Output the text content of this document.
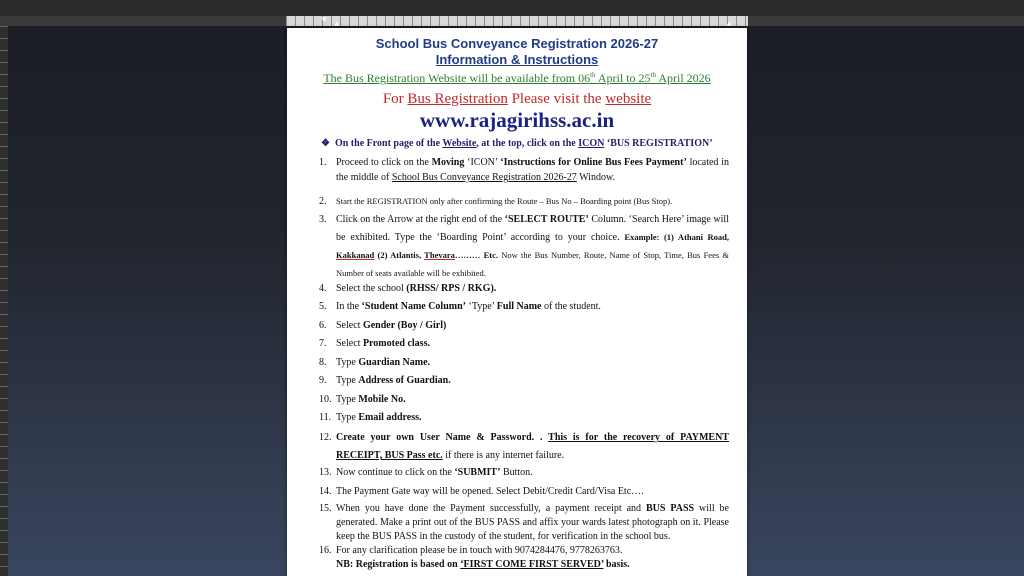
▼ ▲	▲
School Bus Conveyance Registration 2026-27
Information & Instructions
The Bus Registration Website will be available from 06th April to 25th April 2026
For Bus Registration Please visit the website
www.rajagirihss.ac.in
❖ On the Front page of the Website, at the top, click on the ICON ‘BUS REGISTRATION’
1. Proceed to click on the Moving ‘ICON’ ‘Instructions for Online Bus Fees Payment’ located in the middle of School Bus Conveyance Registration 2026-27 Window.
2.	Start the REGISTRATION only after confirming the Route – Bus No – Boarding point (Bus Stop).
3. Click on the Arrow at the right end of the ‘SELECT ROUTE’ Column. ‘Search Here’ image will be exhibited. Type the ‘Boarding Point’ according to your choice. Example: (1) Athani Road, Kakkanad (2) Atlantis, Thevara……… Etc. Now the Bus Number, Route, Name of Stop, Time, Bus Fees & Number of seats available will be exhibited.
4. Select the school (RHSS/ RPS / RKG).
5. In the ‘Student Name Column’ ‘Type’ Full Name of the student.
6. Select Gender (Boy / Girl)
7. Select Promoted class.
8. Type Guardian Name.
9. Type Address of Guardian.
10. Type Mobile No.
11. Type Email address.
12. Create your own User Name & Password. . This is for the recovery of PAYMENT RECEIPT, BUS Pass etc. if there is any internet failure.
13. Now continue to click on the ‘SUBMIT’ Button.
14. The Payment Gate way will be opened. Select Debit/Credit Card/Visa Etc….
15. When you have done the Payment successfully, a payment receipt and BUS PASS will be generated. Make a print out of the BUS PASS and affix your wards latest photograph on it. Please keep the BUS PASS in the custody of the student, for verification in the school bus.
16. For any clarification please be in touch with 9074284476, 9778263763.
NB: Registration is based on ‘FIRST COME FIRST SERVED’ basis.
